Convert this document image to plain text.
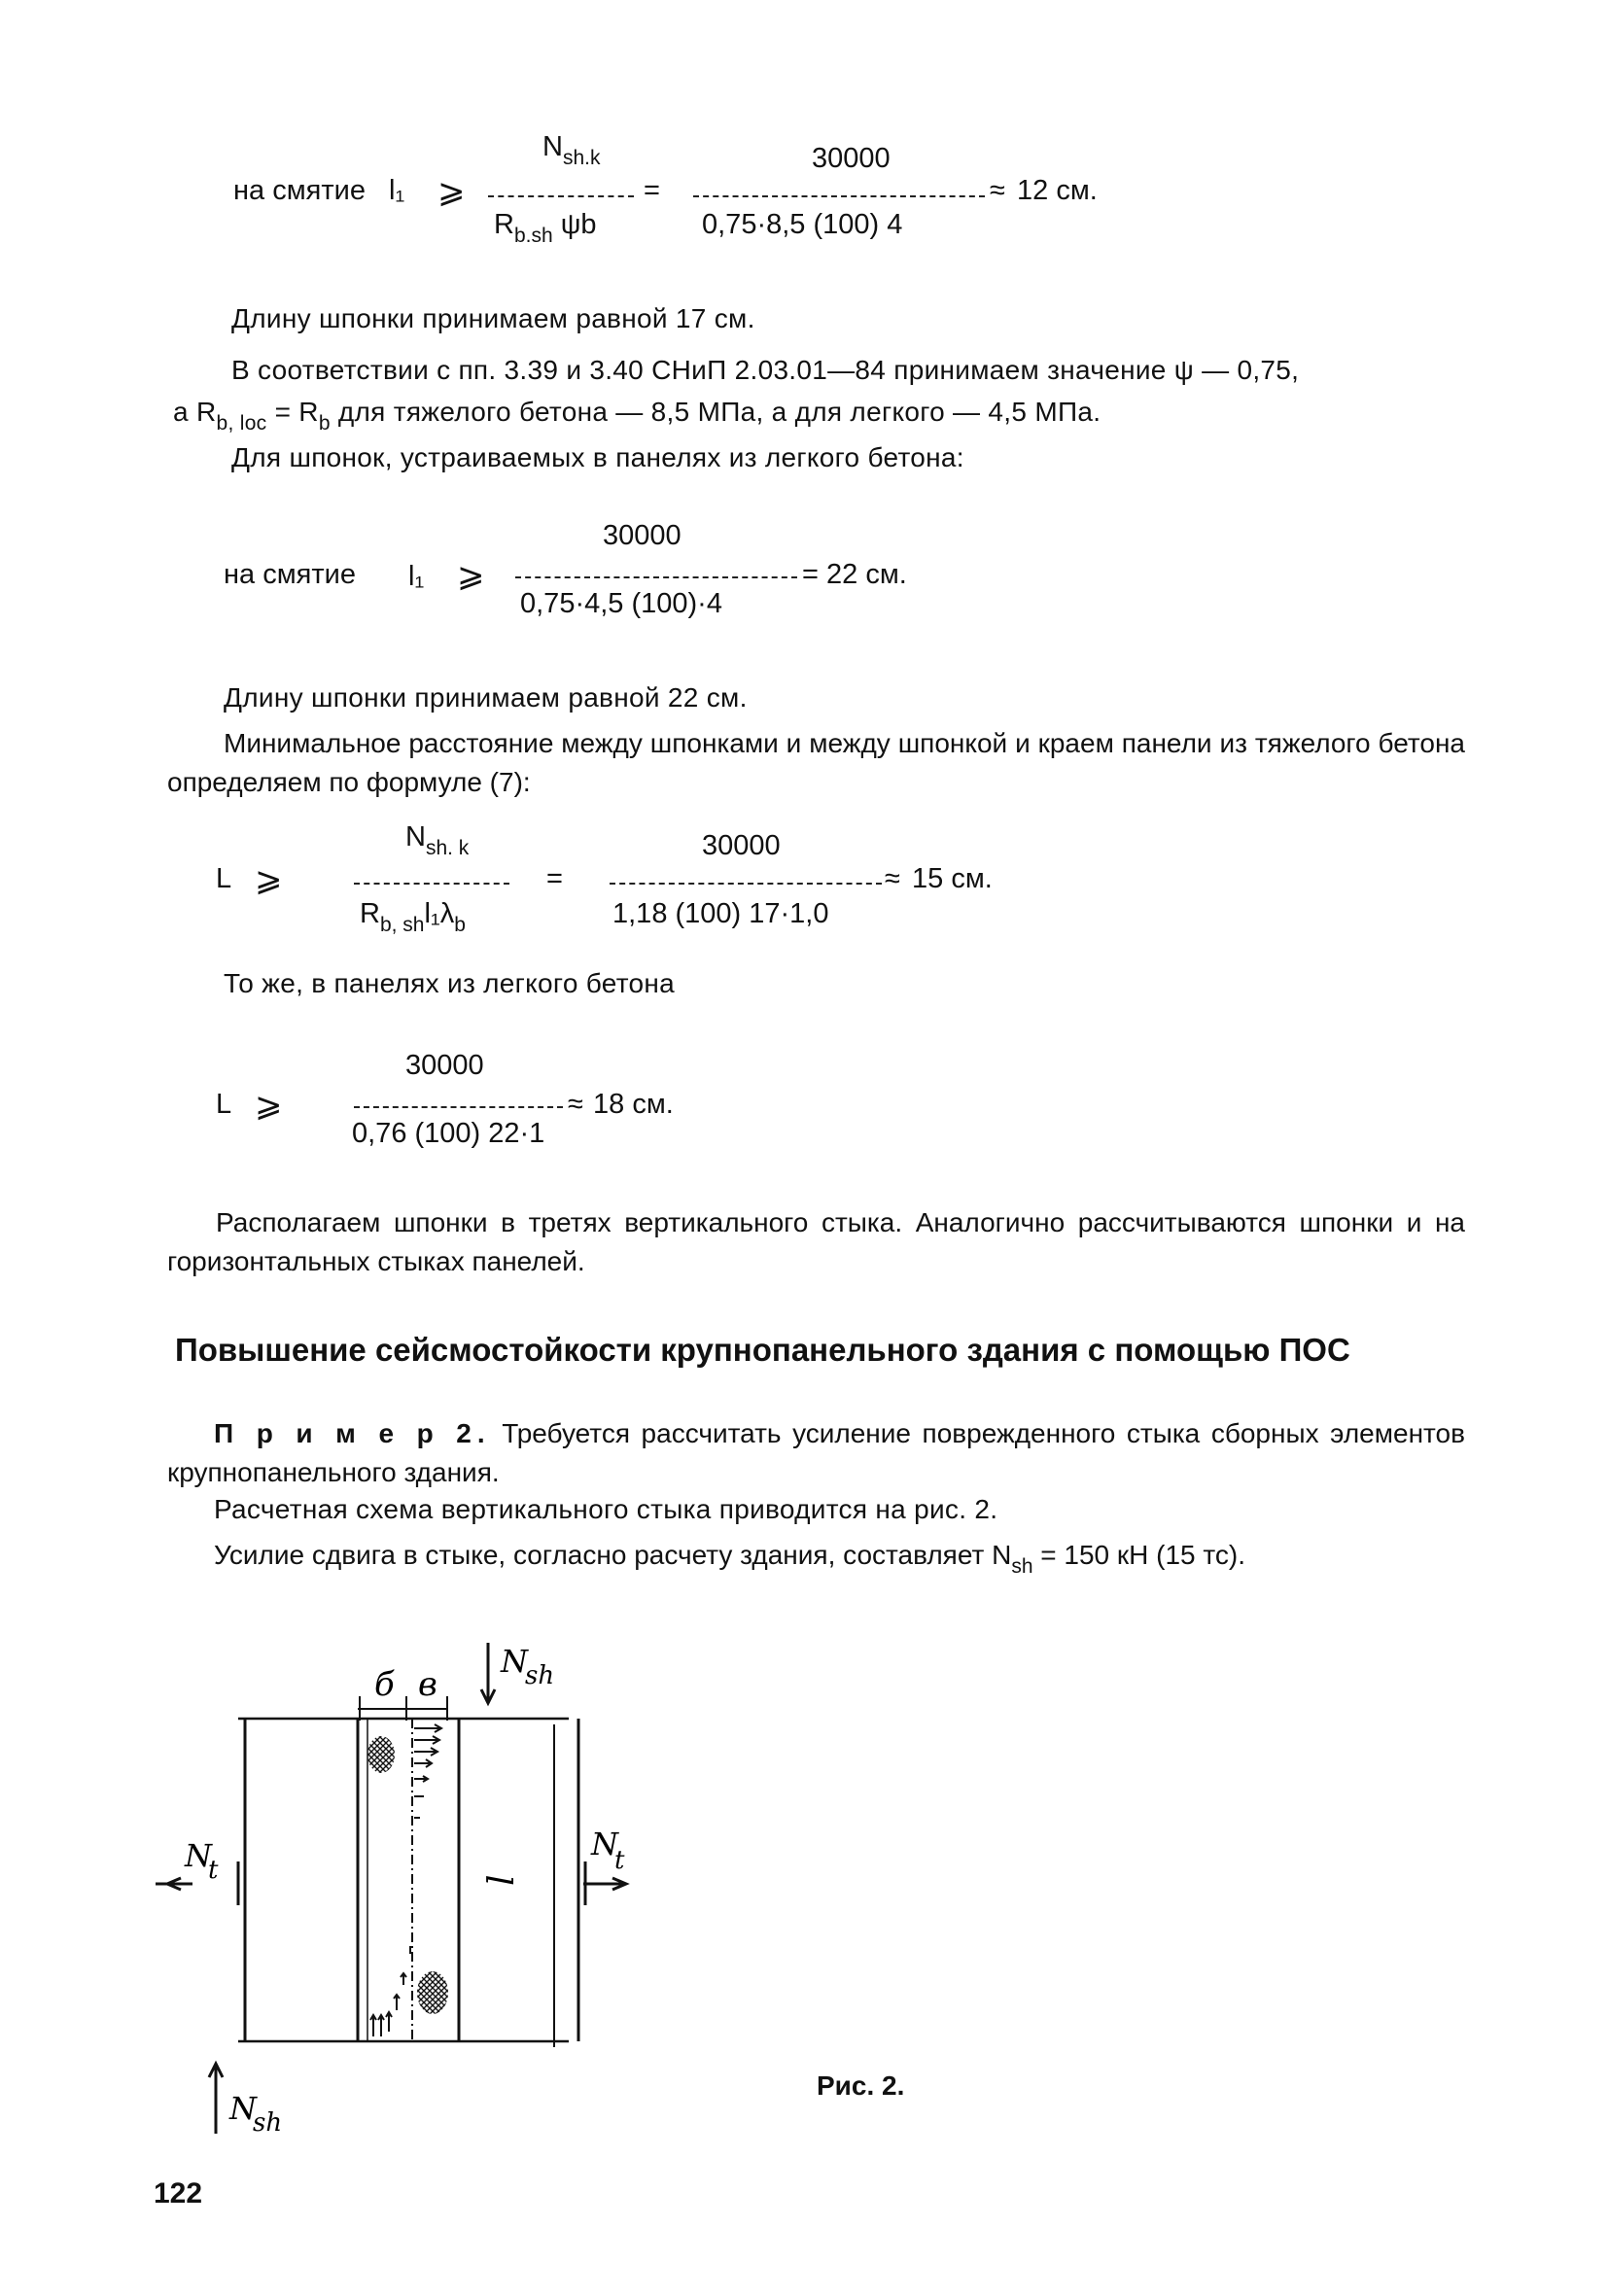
на смятие l₁ ⩾
$N_{sh.k}$
$R_{b.sh}$ ψb
=
30000
0,75·8,5 (100) 4
≈ 12 см.
Длину шпонки принимаем равной 17 см.
В соответствии с пп. 3.39 и 3.40 СНиП 2.03.01—84 принимаем значение ψ — 0,75,
а $R_{b, loc} = R_b$ для тяжелого бетона — 8,5 МПа, а для легкого — 4,5 МПа.
Для шпонок, устраиваемых в панелях из легкого бетона:
на смятие l₁ ⩾
30000
0,75·4,5 (100)·4
= 22 см.
Длину шпонки принимаем равной 22 см.
Минимальное расстояние между шпонками и между шпонкой и краем панели из тяжелого бетона определяем по формуле (7):
L ⩾
$N_{sh. k}$
$R_{b, sh}l_1\lambda_b$
=
30000
1,18 (100) 17·1,0
≈ 15 см.
То же, в панелях из легкого бетона
L ⩾
30000
0,76 (100) 22·1
≈ 18 см.
Располагаем шпонки в третях вертикального стыка. Аналогично рассчитываются шпонки и на горизонтальных стыках панелей.
Повышение сейсмостойкости крупнопанельного здания с помощью ПОС
П р и м е р 2. Требуется рассчитать усиление поврежденного стыка сборных элементов крупнопанельного здания.
Расчетная схема вертикального стыка приводится на рис. 2.
Усилие сдвига в стыке, согласно расчету здания, составляет $N_{sh} = 150$ кН (15 тс).
б в
N
sh
N
t
N
t
l
N
sh
Рис. 2.
122
